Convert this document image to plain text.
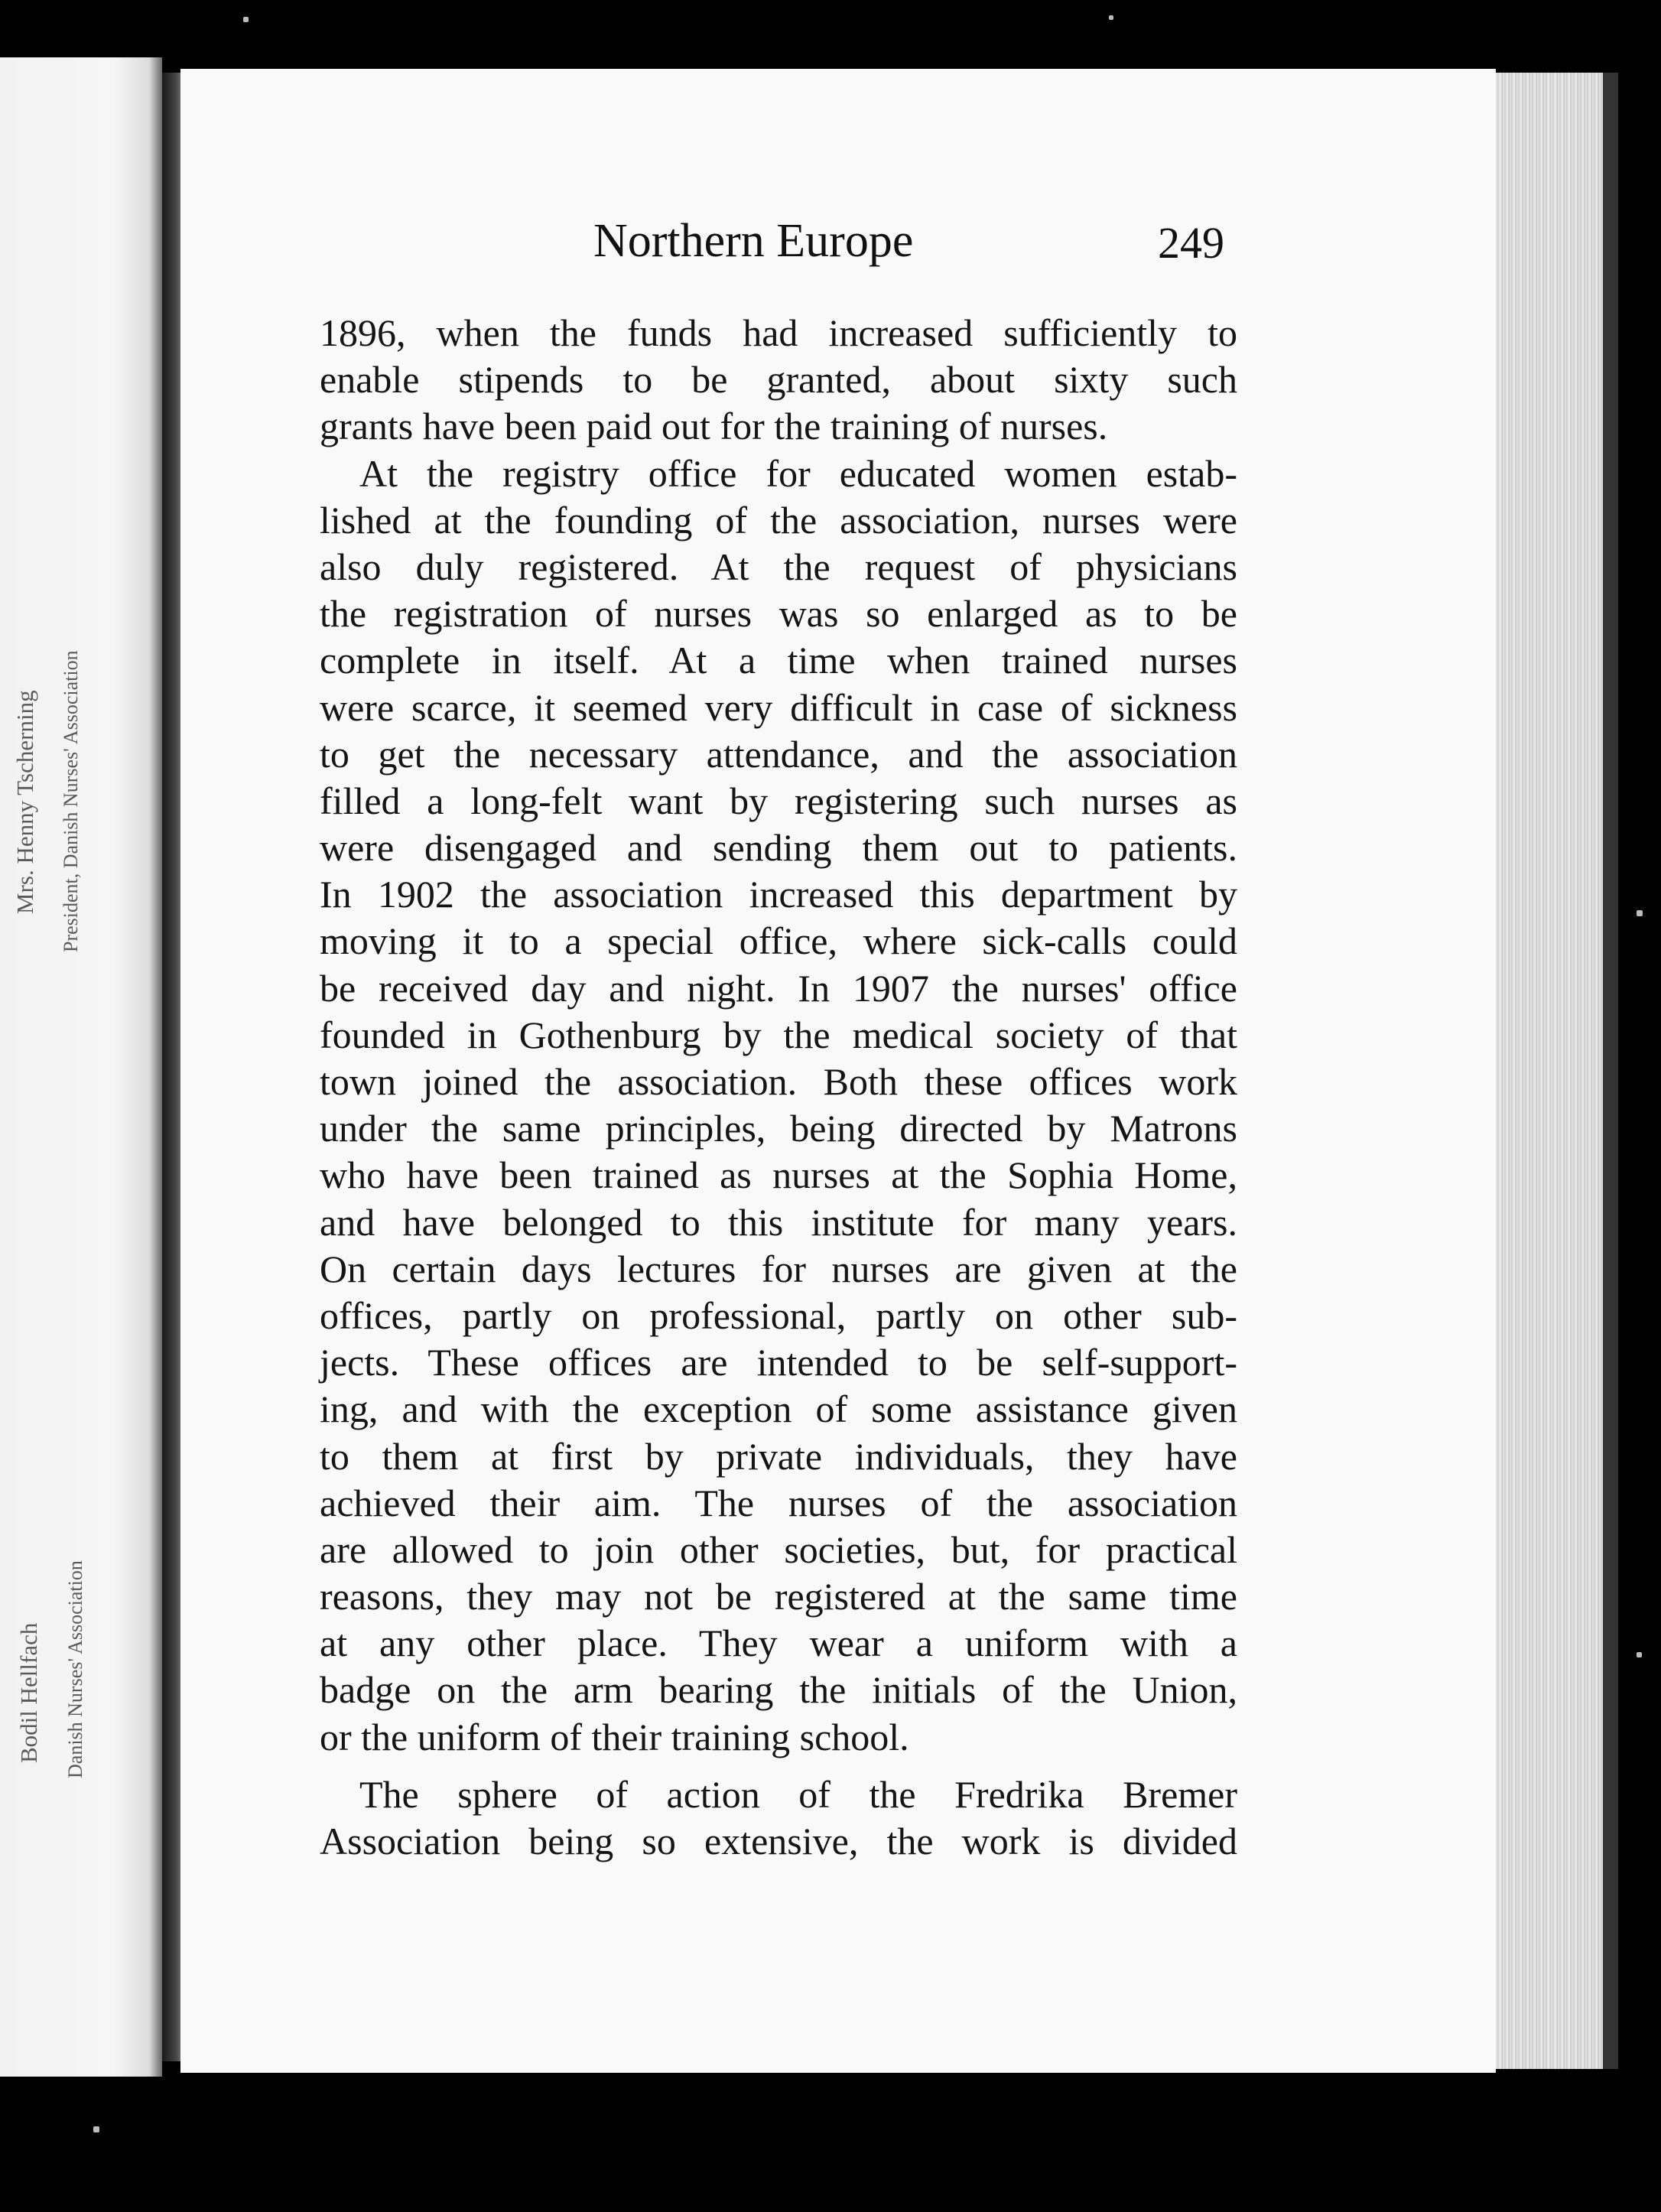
Mrs. Henny Tscherning President, Danish Nurses' Association
Bodil Hellfach Danish Nurses' Association
Northern Europe	249
1896, when the funds had increased sufficiently to
enable stipends to be granted, about sixty such
grants have been paid out for the training of nurses.
At the registry office for educated women estab-
lished at the founding of the association, nurses were
also duly registered. At the request of physicians
the registration of nurses was so enlarged as to be
complete in itself. At a time when trained nurses
were scarce, it seemed very difficult in case of sickness
to get the necessary attendance, and the association
filled a long-felt want by registering such nurses as
were disengaged and sending them out to patients.
In 1902 the association increased this department by
moving it to a special office, where sick-calls could
be received day and night. In 1907 the nurses' office
founded in Gothenburg by the medical society of that
town joined the association. Both these offices work
under the same principles, being directed by Matrons
who have been trained as nurses at the Sophia Home,
and have belonged to this institute for many years.
On certain days lectures for nurses are given at the
offices, partly on professional, partly on other sub-
jects. These offices are intended to be self-support-
ing, and with the exception of some assistance given
to them at first by private individuals, they have
achieved their aim. The nurses of the association
are allowed to join other societies, but, for practical
reasons, they may not be registered at the same time
at any other place. They wear a uniform with a
badge on the arm bearing the initials of the Union,
or the uniform of their training school.
The sphere of action of the Fredrika Bremer
Association being so extensive, the work is divided
